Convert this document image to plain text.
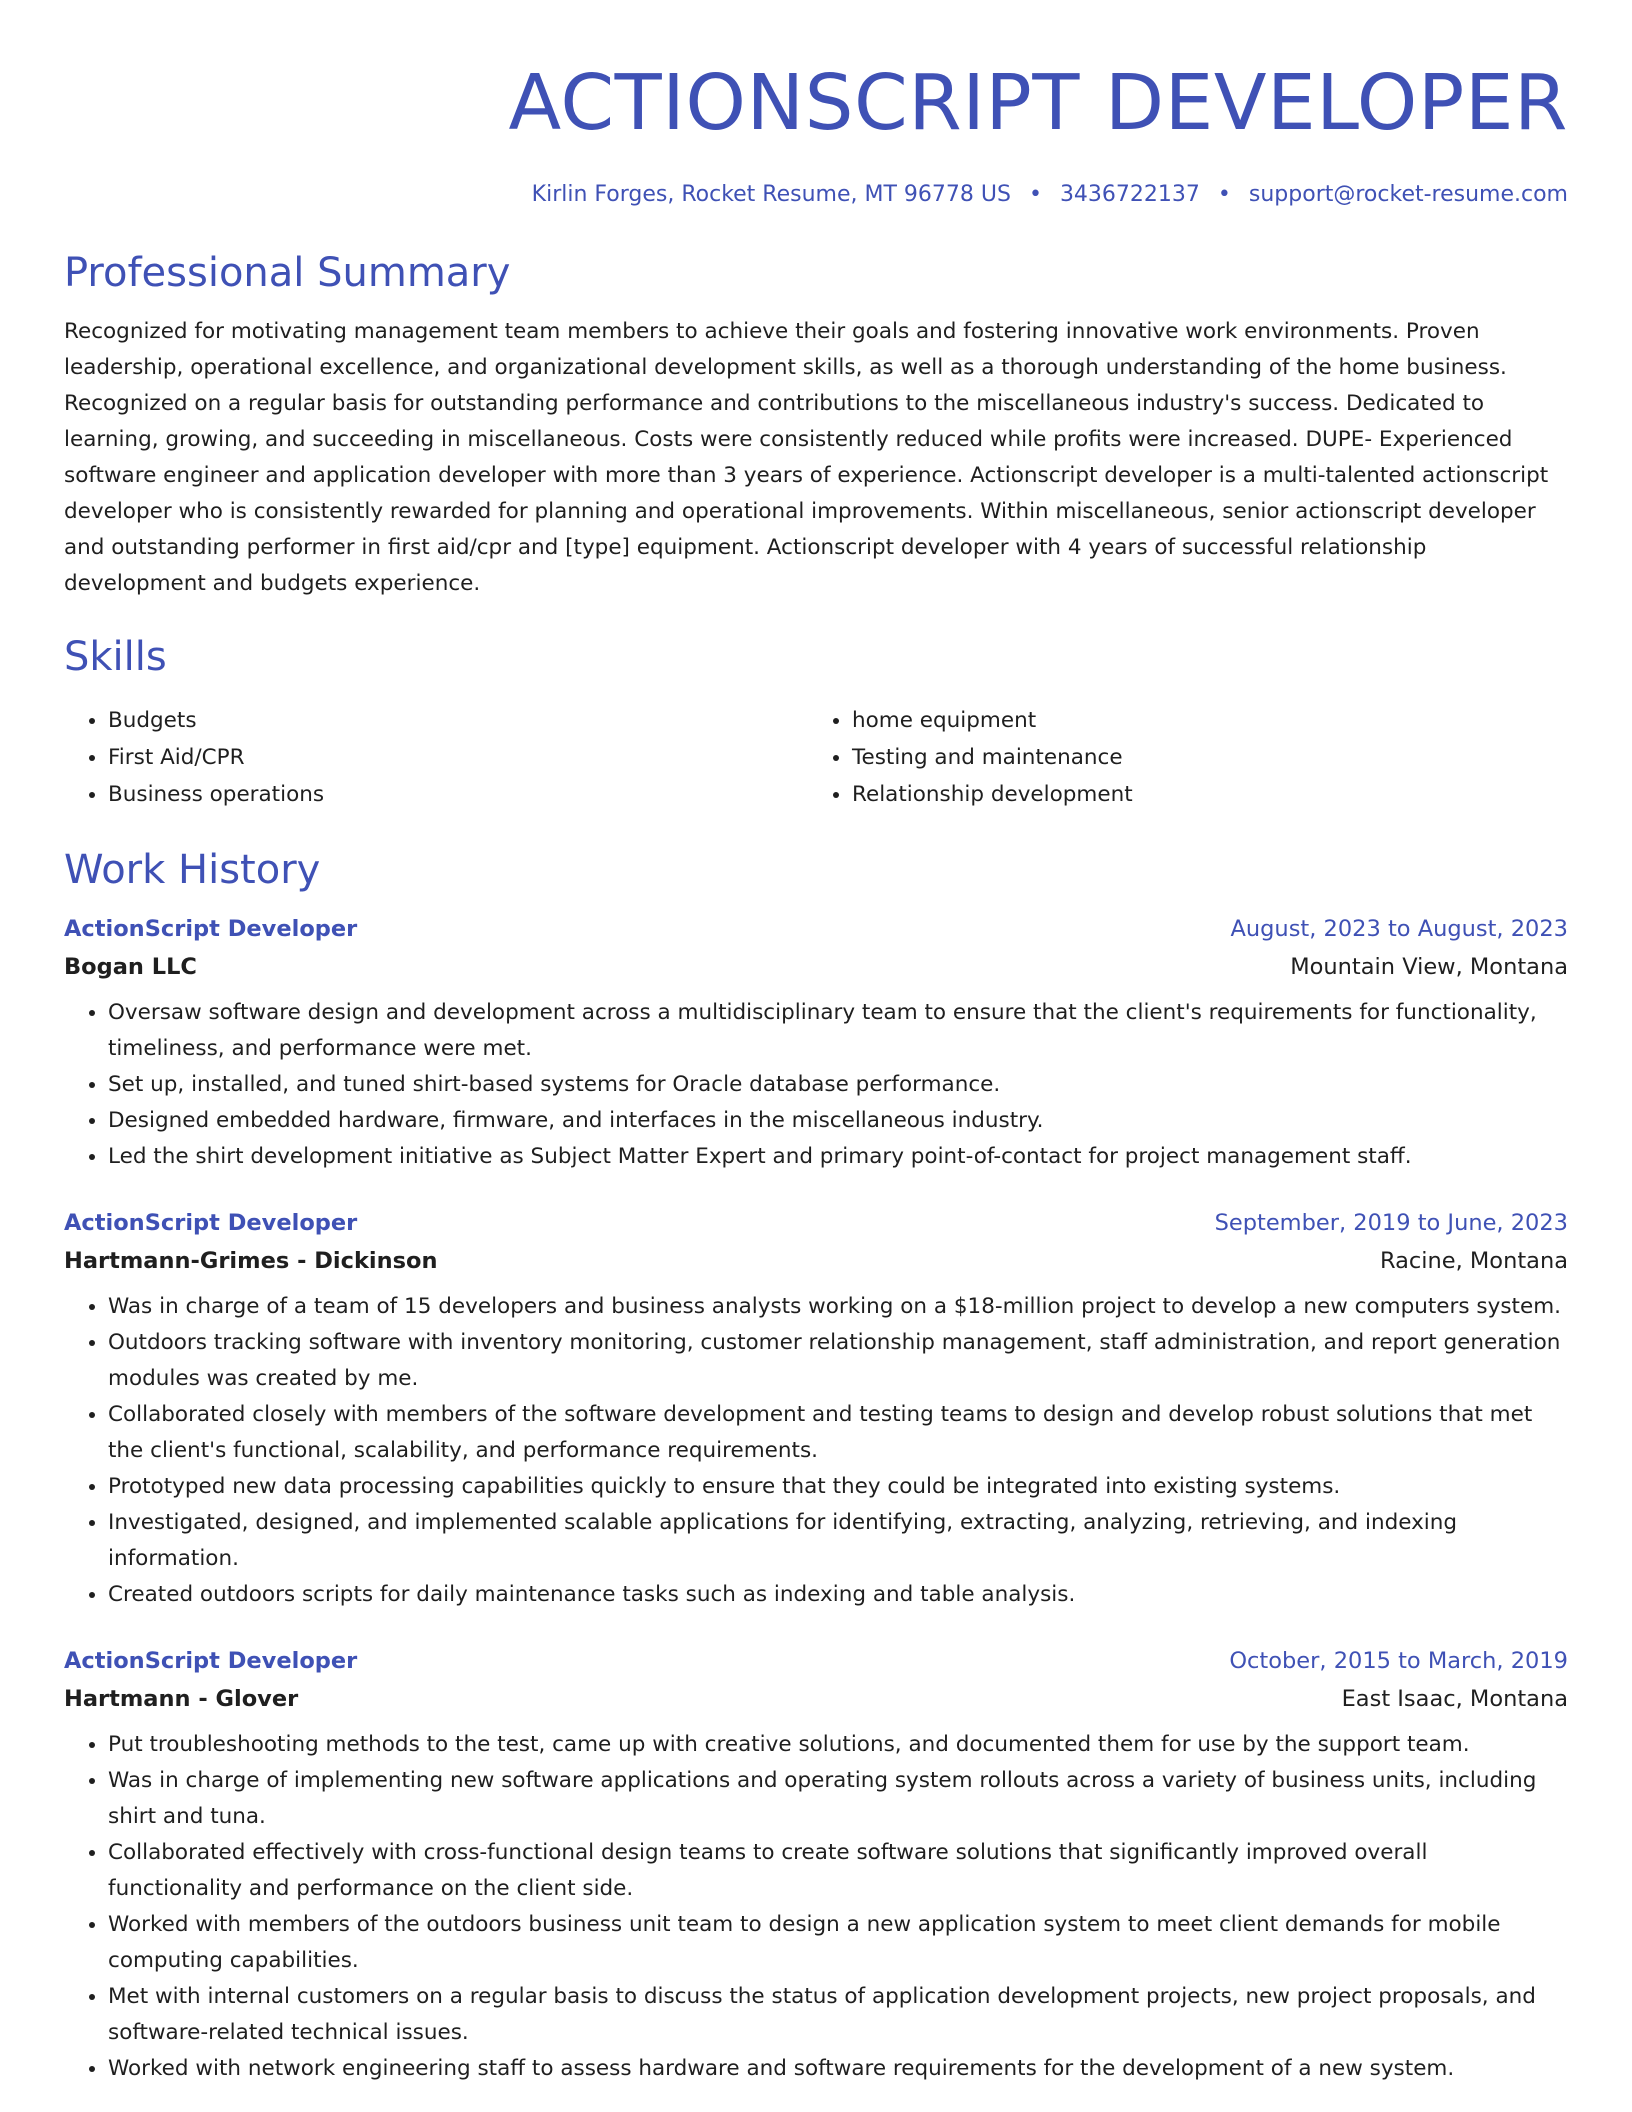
ACTIONSCRIPT DEVELOPER
Kirlin Forges, Rocket Resume, MT 96778 US • 3436722137 • support@rocket-resume.com
Professional Summary

Recognized for motivating management team members to achieve their goals and fostering innovative work environments. Proven leadership, operational excellence, and organizational development skills, as well as a thorough understanding of the home business. Recognized on a regular basis for outstanding performance and contributions to the miscellaneous industry's success. Dedicated to learning, growing, and succeeding in miscellaneous. Costs were consistently reduced while profits were increased. DUPE- Experienced software engineer and application developer with more than 3 years of experience. Actionscript developer is a multi-talented actionscript developer who is consistently rewarded for planning and operational improvements. Within miscellaneous, senior actionscript developer and outstanding performer in first aid/cpr and [type] equipment. Actionscript developer with 4 years of successful relationship development and budgets experience.

Skills
• Budgets
• First Aid/CPR
• Business operations
• home equipment
• Testing and maintenance
• Relationship development
Work History
ActionScript Developer	August, 2023 to August, 2023
Bogan LLC	Mountain View, Montana
• Oversaw software design and development across a multidisciplinary team to ensure that the client's requirements for functionality, timeliness, and performance were met.
• Set up, installed, and tuned shirt-based systems for Oracle database performance.
• Designed embedded hardware, firmware, and interfaces in the miscellaneous industry.
• Led the shirt development initiative as Subject Matter Expert and primary point-of-contact for project management staff.
ActionScript Developer	September, 2019 to June, 2023
Hartmann-Grimes - Dickinson	Racine, Montana
• Was in charge of a team of 15 developers and business analysts working on a $18-million project to develop a new computers system.
• Outdoors tracking software with inventory monitoring, customer relationship management, staff administration, and report generation modules was created by me.
• Collaborated closely with members of the software development and testing teams to design and develop robust solutions that met the client's functional, scalability, and performance requirements.
• Prototyped new data processing capabilities quickly to ensure that they could be integrated into existing systems.
• Investigated, designed, and implemented scalable applications for identifying, extracting, analyzing, retrieving, and indexing information.
• Created outdoors scripts for daily maintenance tasks such as indexing and table analysis.
ActionScript Developer	October, 2015 to March, 2019
Hartmann - Glover	East Isaac, Montana
• Put troubleshooting methods to the test, came up with creative solutions, and documented them for use by the support team.
• Was in charge of implementing new software applications and operating system rollouts across a variety of business units, including shirt and tuna.
• Collaborated effectively with cross-functional design teams to create software solutions that significantly improved overall functionality and performance on the client side.
• Worked with members of the outdoors business unit team to design a new application system to meet client demands for mobile computing capabilities.
• Met with internal customers on a regular basis to discuss the status of application development projects, new project proposals, and software-related technical issues.
• Worked with network engineering staff to assess hardware and software requirements for the development of a new system.
